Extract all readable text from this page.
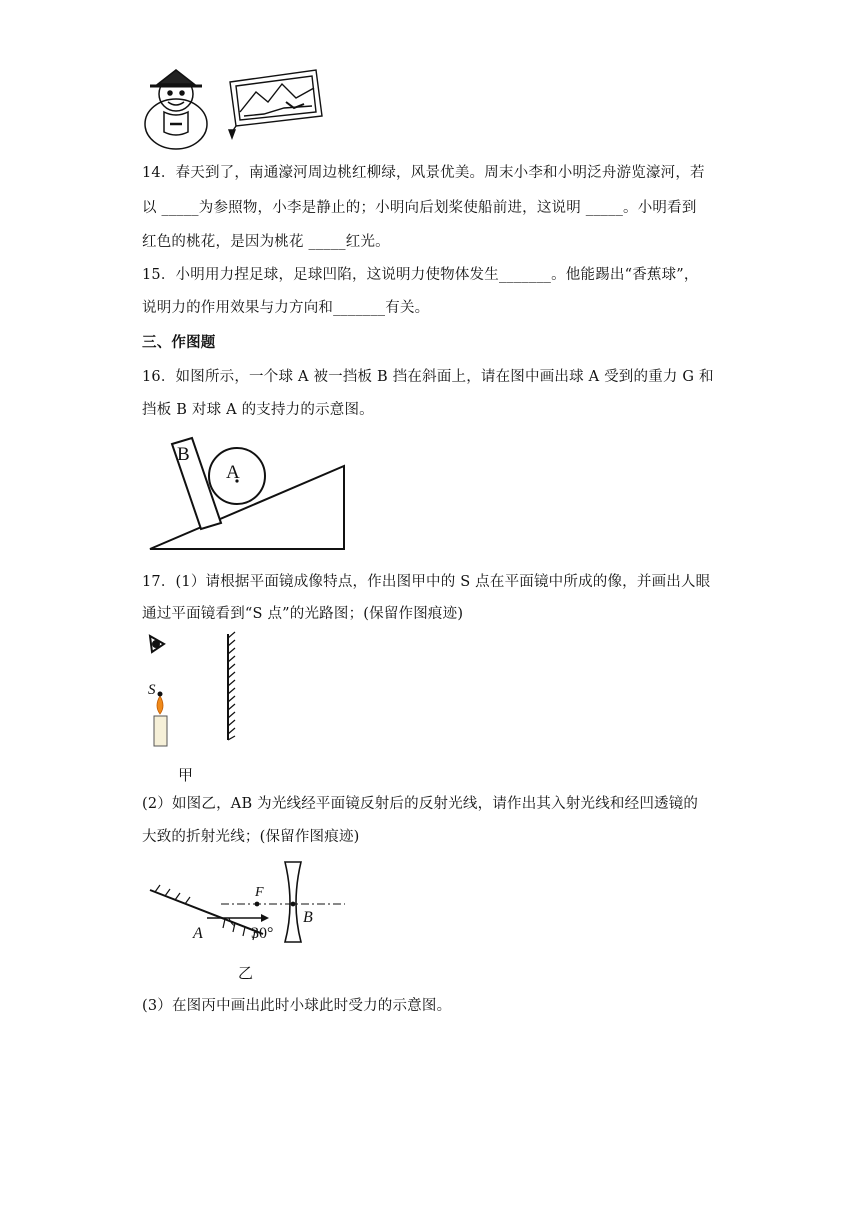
14．春天到了，南通濠河周边桃红柳绿，风景优美。周末小李和小明泛舟游览濠河，若
以 _____为参照物，小李是静止的；小明向后划桨使船前进，这说明 _____。小明看到
红色的桃花，是因为桃花 _____红光。
15．小明用力捏足球，足球凹陷，这说明力使物体发生_______。他能踢出“香蕉球”，
说明力的作用效果与力方向和_______有关。
三、作图题
16．如图所示，一个球 A 被一挡板 B 挡在斜面上，请在图中画出球 A 受到的重力 G 和
挡板 B 对球 A 的支持力的示意图。
B
A
17．(1）请根据平面镜成像特点，作出图甲中的 S 点在平面镜中所成的像，并画出人眼
通过平面镜看到“S 点”的光路图；(保留作图痕迹)
S
甲
(2）如图乙，AB 为光线经平面镜反射后的反射光线，请作出其入射光线和经凹透镜的
大致的折射光线；(保留作图痕迹)
F
A
B
30°
乙
(3）在图丙中画出此时小球此时受力的示意图。
